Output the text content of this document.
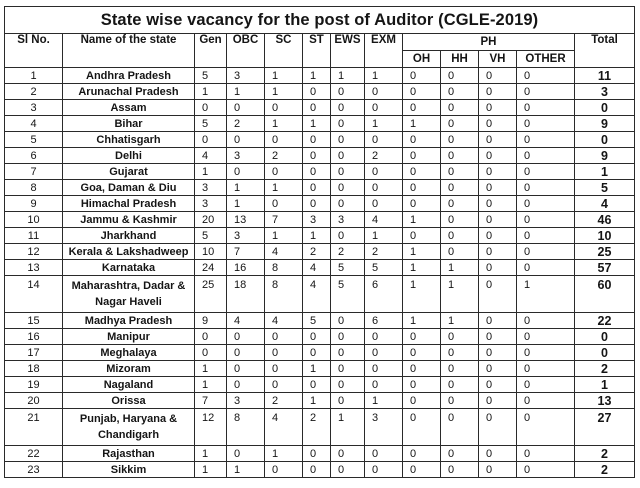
State wise vacancy for the post of Auditor (CGLE-2019)												
Sl No.	Name of the state	Gen	OBC	SC	ST	EWS	EXM	PH				Total
								OH	HH	VH	OTHER	
1	Andhra Pradesh	5	3	1	1	1	1	0	0	0	0	11
2	Arunachal Pradesh	1	1	1	0	0	0	0	0	0	0	3
3	Assam	0	0	0	0	0	0	0	0	0	0	0
4	Bihar	5	2	1	1	0	1	1	0	0	0	9
5	Chhatisgarh	0	0	0	0	0	0	0	0	0	0	0
6	Delhi	4	3	2	0	0	2	0	0	0	0	9
7	Gujarat	1	0	0	0	0	0	0	0	0	0	1
8	Goa, Daman & Diu	3	1	1	0	0	0	0	0	0	0	5
9	Himachal Pradesh	3	1	0	0	0	0	0	0	0	0	4
10	Jammu & Kashmir	20	13	7	3	3	4	1	0	0	0	46
11	Jharkhand	5	3	1	1	0	1	0	0	0	0	10
12	Kerala & Lakshadweep	10	7	4	2	2	2	1	0	0	0	25
13	Karnataka	24	16	8	4	5	5	1	1	0	0	57
14	Maharashtra, Dadar & Nagar Haveli	25	18	8	4	5	6	1	1	0	1	60
15	Madhya Pradesh	9	4	4	5	0	6	1	1	0	0	22
16	Manipur	0	0	0	0	0	0	0	0	0	0	0
17	Meghalaya	0	0	0	0	0	0	0	0	0	0	0
18	Mizoram	1	0	0	1	0	0	0	0	0	0	2
19	Nagaland	1	0	0	0	0	0	0	0	0	0	1
20	Orissa	7	3	2	1	0	1	0	0	0	0	13
21	Punjab, Haryana & Chandigarh	12	8	4	2	1	3	0	0	0	0	27
22	Rajasthan	1	0	1	0	0	0	0	0	0	0	2
23	Sikkim	1	1	0	0	0	0	0	0	0	0	2
